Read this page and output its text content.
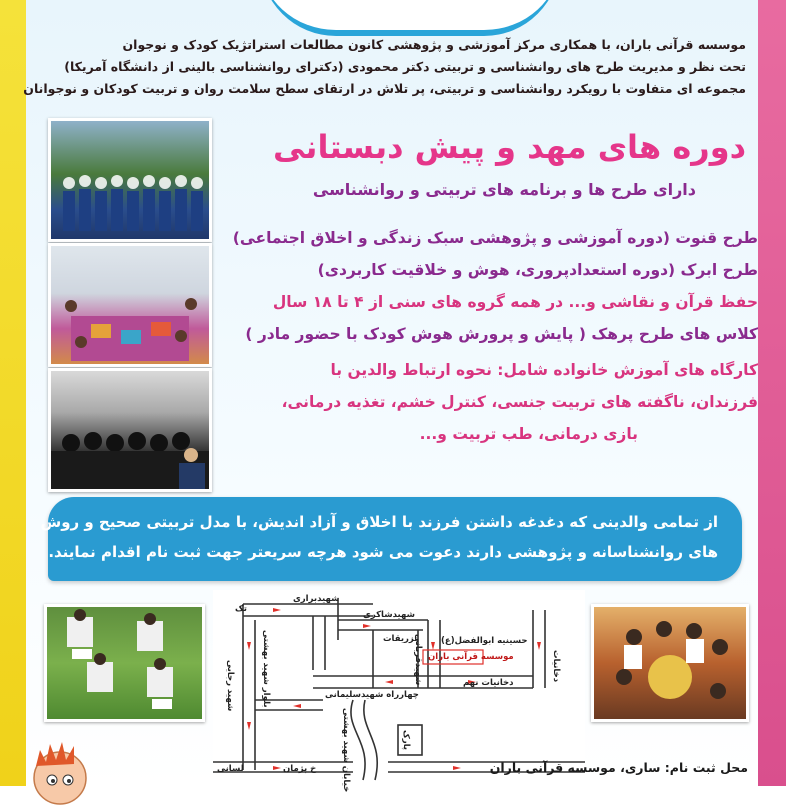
موسسه قرآنی باران، با همکاری مرکز آموزشی و پژوهشی کانون مطالعات استراتژیک کودک و نوجوان
تحت نظر و مدیریت طرح های روانشناسی و تربیتی دکتر محمودی (دکترای روانشناسی بالینی از دانشگاه آمریکا)
مجموعه ای متفاوت با رویکرد روانشناسی و تربیتی، پر تلاش در ارتقای سطح سلامت روان و تربیت کودکان و نوجوانان
دوره های مهد و پیش دبستانی
دارای طرح ها و برنامه های تربیتی و روانشناسی
طرح قنوت (دوره آموزشی و پژوهشی سبک زندگی و اخلاق اجتماعی)
طرح ابرک (دوره استعدادپروری، هوش و خلاقیت کاربردی)
حفظ قرآن و نقاشی و... در همه گروه های سنی از ۴ تا ۱۸ سال
کلاس های طرح پرهک ( پایش و پرورش هوش کودک با حضور مادر )
کارگاه های آموزش خانواده شامل: نحوه ارتباط والدین با
فرزندان، ناگفته های تربیت جنسی، کنترل خشم، تغذیه درمانی،
بازی درمانی، طب تربیت و...
از تمامی والدینی که دغدغه داشتن فرزند با اخلاق و آزاد اندیش، با مدل تربیتی صحیح و روش
های روانشناسانه و پژوهشی دارند دعوت می شود هرچه سریعتر جهت ثبت نام اقدام نمایند.
شهیدبراری
شهیدشاکری
تزریقات	حسینیه ابوالفضل(ع)
موسسه قرآنی باران
دخانیات نهم
چهارراه شهیدسلیمانی
خ پژمان
لسانی
دخانیات
پارک
شهید رجایی	بلوار شهید بهشتی	شهیدقربانی
خیابان شهید بهشتی
تک
محل ثبت نام: ساری، موسسه قرآنی باران
